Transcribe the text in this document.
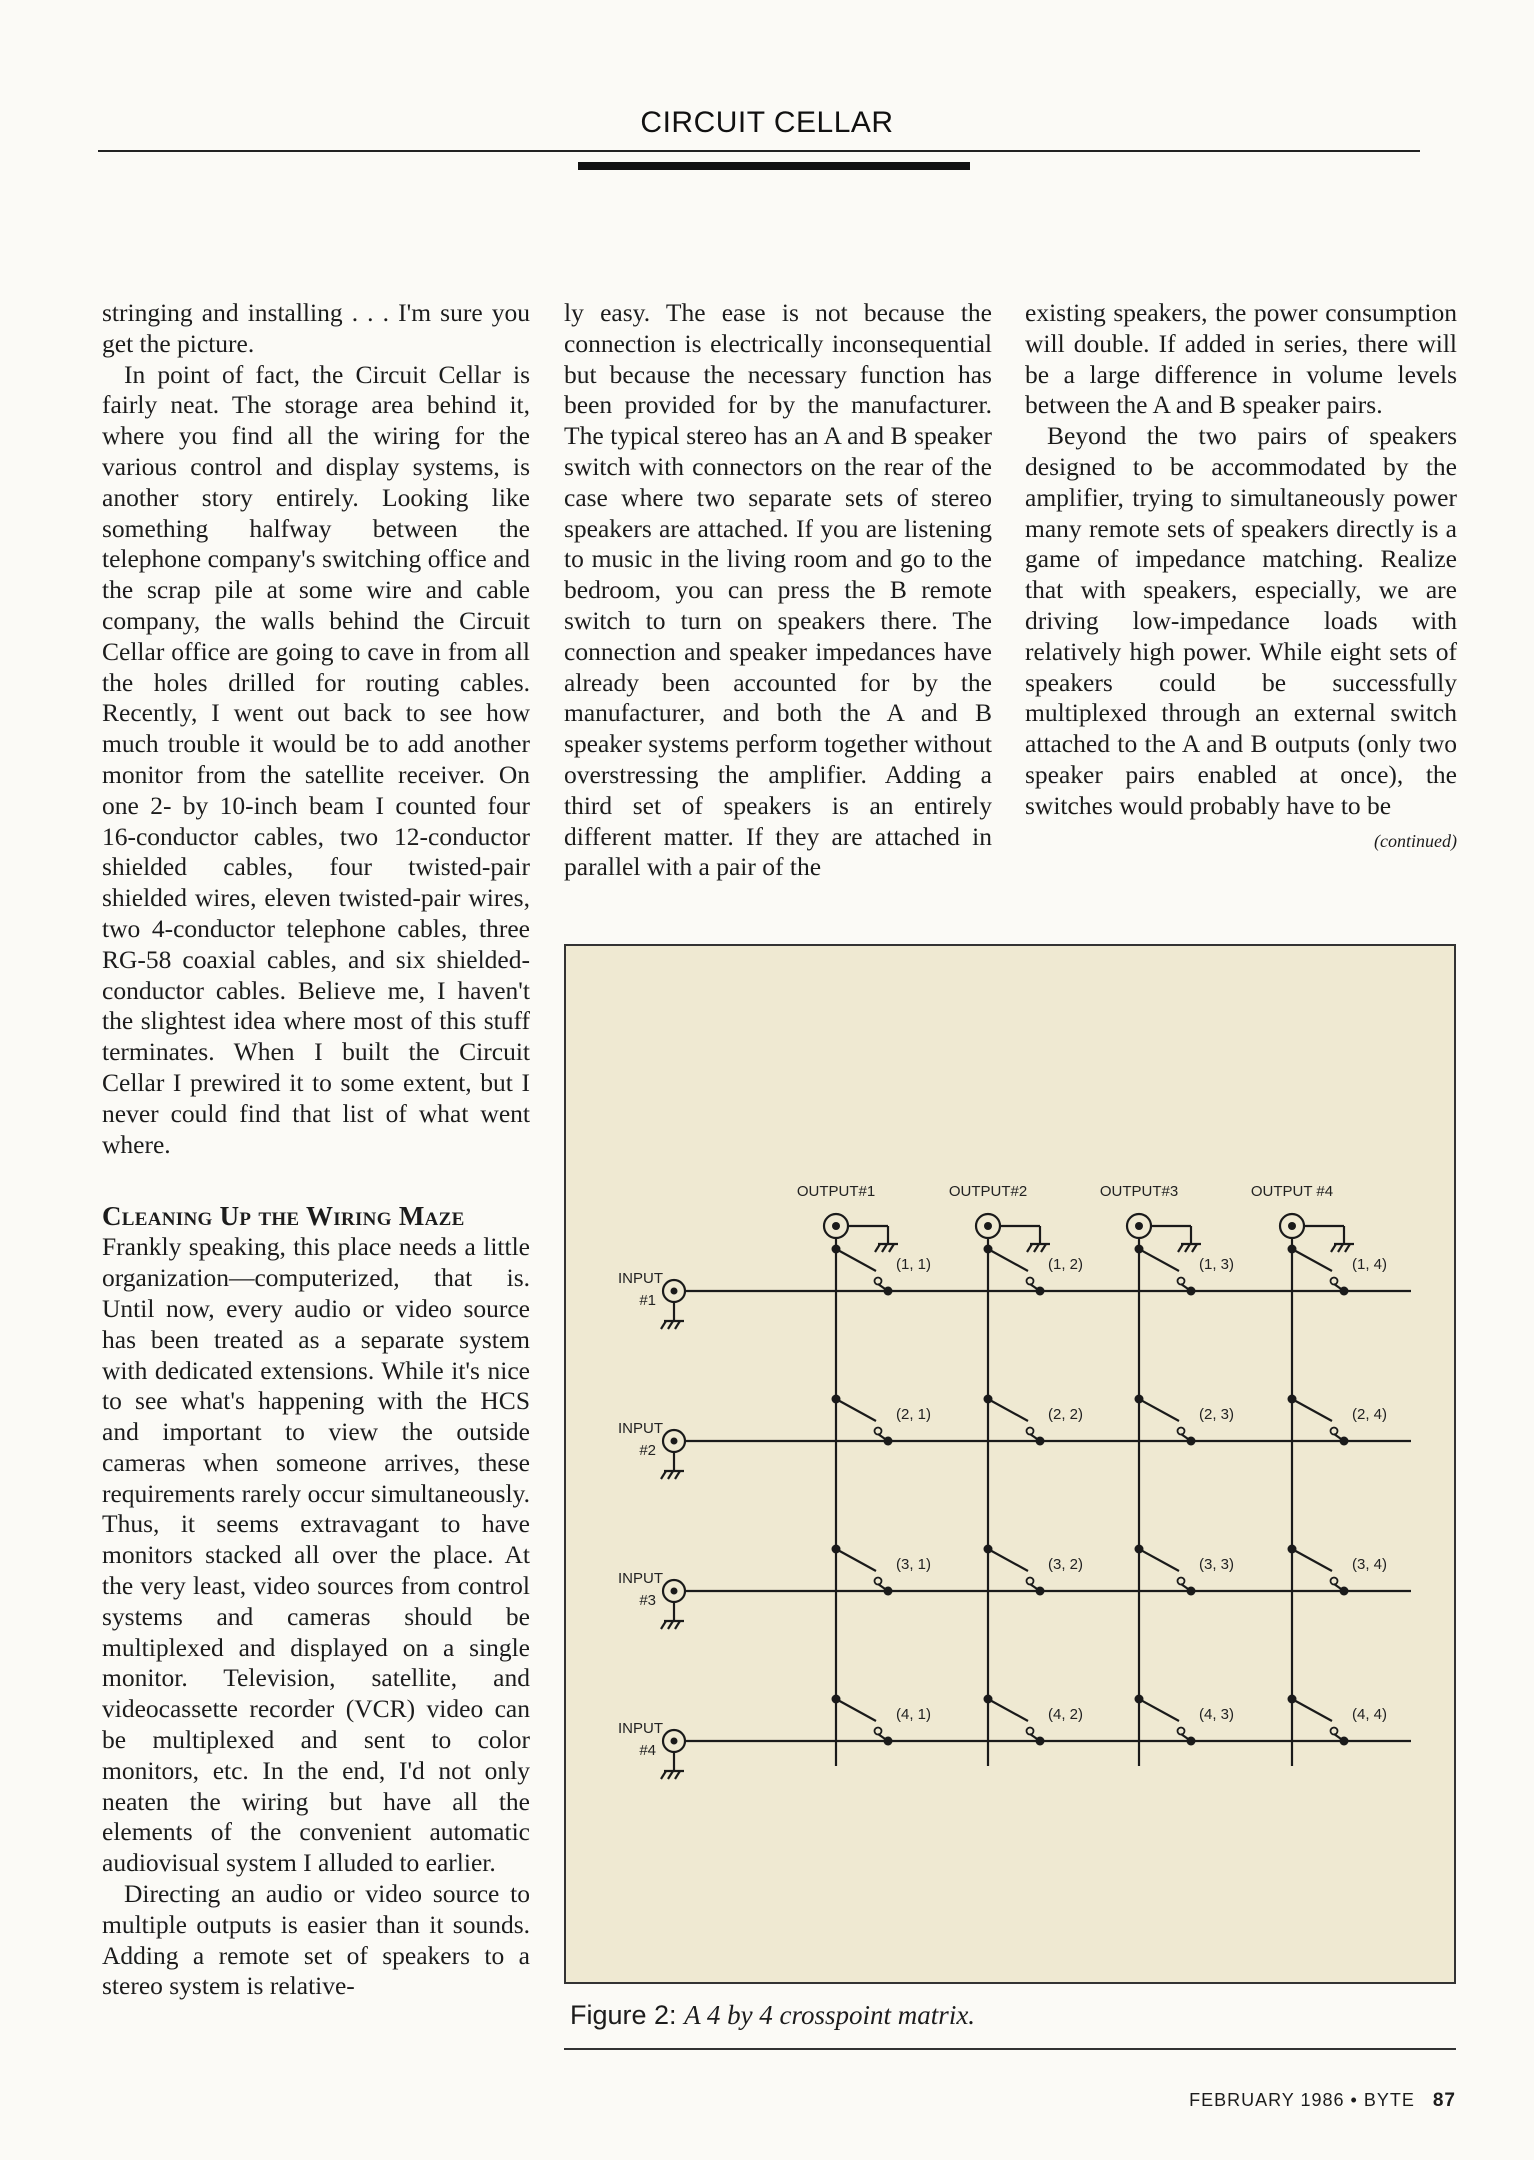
CIRCUIT CELLAR

stringing and installing . . . I'm sure you get the picture.

In point of fact, the Circuit Cellar is fairly neat. The storage area behind it, where you find all the wiring for the various control and display systems, is another story entirely. Looking like something halfway between the telephone company's switching office and the scrap pile at some wire and cable company, the walls behind the Circuit Cellar office are going to cave in from all the holes drilled for routing cables. Recently, I went out back to see how much trouble it would be to add another monitor from the satellite receiver. On one 2- by 10-inch beam I counted four 16-conductor cables, two 12-conductor shielded cables, four twisted-pair shielded wires, eleven twisted-pair wires, two 4-conductor telephone cables, three RG-58 coaxial cables, and six shielded-conductor cables. Believe me, I haven't the slightest idea where most of this stuff terminates. When I built the Circuit Cellar I prewired it to some extent, but I never could find that list of what went where.

Cleaning Up the Wiring Maze

Frankly speaking, this place needs a little organization—computerized, that is. Until now, every audio or video source has been treated as a separate system with dedicated extensions. While it's nice to see what's happening with the HCS and important to view the outside cameras when someone arrives, these requirements rarely occur simultaneously. Thus, it seems extravagant to have monitors stacked all over the place. At the very least, video sources from control systems and cameras should be multiplexed and displayed on a single monitor. Television, satellite, and videocassette recorder (VCR) video can be multiplexed and sent to color monitors, etc. In the end, I'd not only neaten the wiring but have all the elements of the convenient automatic audiovisual system I alluded to earlier.

Directing an audio or video source to multiple outputs is easier than it sounds. Adding a remote set of speakers to a stereo system is relative-

ly easy. The ease is not because the connection is electrically inconsequential but because the necessary function has been provided for by the manufacturer. The typical stereo has an A and B speaker switch with connectors on the rear of the case where two separate sets of stereo speakers are attached. If you are listening to music in the living room and go to the bedroom, you can press the B remote switch to turn on speakers there. The connection and speaker impedances have already been accounted for by the manufacturer, and both the A and B speaker systems perform together without overstressing the amplifier. Adding a third set of speakers is an entirely different matter. If they are attached in parallel with a pair of the

existing speakers, the power consumption will double. If added in series, there will be a large difference in volume levels between the A and B speaker pairs.

Beyond the two pairs of speakers designed to be accommodated by the amplifier, trying to simultaneously power many remote sets of speakers directly is a game of impedance matching. Realize that with speakers, especially, we are driving low-impedance loads with relatively high power. While eight sets of speakers could be successfully multiplexed through an external switch attached to the A and B outputs (only two speaker pairs enabled at once), the switches would probably have to be

(continued)
OUTPUT#1	OUTPUT#2	OUTPUT#3	OUTPUT #4
INPUT
#1
INPUT
#2
INPUT
#3
INPUT
#4
(1, 1)	(1, 2)	(1, 3)	(1, 4)
(2, 1)	(2, 2)	(2, 3)	(2, 4)
(3, 1)	(3, 2)	(3, 3)	(3, 4)
(4, 1)	(4, 2)	(4, 3)	(4, 4)
Figure 2: A 4 by 4 crosspoint matrix.
FEBRUARY 1986 • BYTE 87
